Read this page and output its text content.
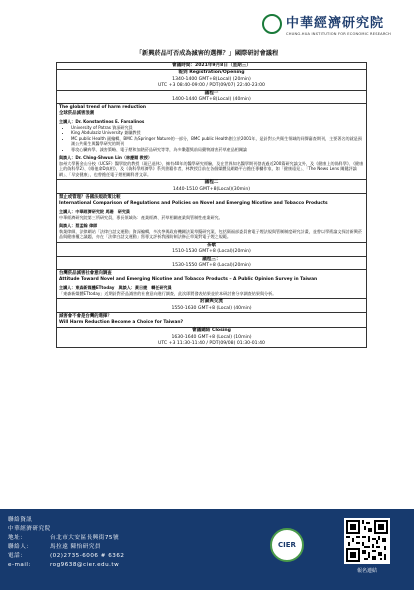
中華經濟研究院
CHUNG-HUA INSTITUTION FOR ECONOMIC RESEARCH
「新興菸品可否成為減害的選擇？」國際研討會議程
會議時間：2021年9月8日（星期三）
報到 Registration/Opening
1340-1400 GMT+8(Local) (20min)
UTC +3 08:40-09:00 / PDT(09/07) 22:40-23:00
議程一
1400-1440 GMT+8(Local) (40min)
The global trend of harm reduction
全球菸品減害浪潮
主講人：Dr. Konstantinos E. Farsalinos
• University of Patras 資深研究員
• King Abdulaziz University 兼職教授
• MC public Health 副編輯，BMC 為Springer Nature的一部分，BMC public Health創立於2001年，是針對公共衛生領域的同儕審查期刊，主要著名的就是預測公共衛生與醫學研究的期刊
• 專攻心臟病學、減害策略、電子煙和加熱菸品研究等等，為多樂選獎前局藥物減害菸草產品相關論
與談人：Dr. Ching-Shwun Lin（林慶順 教授）
加州大學舊金山分校（UCSF）醫學院的教授（現已退休），擁有40年的醫學研究經驗，及在世界知名醫學期刊發表過近200篇研究論文外，及《健康上的偽科學》、《健康上的偽科學2》、《維他命D真相》，及《偽科學經濟學》系列書籍作者，林教授目前在各個媒體及網路平台擔任專欄作家，如「健康遠見」、「The News Lens 關鍵評論網」、「早安健康」，也曾擔任電子煙相關科普文章。
議程二
1440-1510 GMT+8(Local)(30min)
禁止或管理？各國法規政策比較
International Comparison of Regulations and Policies on Novel and Emerging Nicotine and Tobacco Products
主講人：中華經濟研究院 馬珊　研究員
中華經濟研究院第三所研究員，專長領域為：產業經濟、菸草相關產業與管制性產業研究。
與談人：蔡孟翰 律師
執業律師，法律網站「法律白話文運動」資深編輯，多次參與政府機關法案草擬研究案，包括衛福部委員會電子煙法規與管制制度研究計畫，並曾以學術論文探討新興菸品與健康權之議題，亦在「法律白話文運動」寫專文評析我國防制法修正草案對電子煙之規範。
茶歇
1510-1530 GMT+8 (Local)(20min)
議程三：
1530-1550 GMT+8 (Local)(20min)
台灣菸品減害社會意向調查
Attitude Toward Novel and Emerging Nicotine and Tobacco Products – A Public Opinion Survey in Taiwan
主講人：東森新媒體ETtoday　與談人：黃日捷　轉任研究員
「東森新媒體ETtoday」近期針對菸品減害的社會意向進行調查，此次即將發表結果並於本研討會分享調查結果與分析。
討論與交流
1550-1630 GMT+8 (Local) (40min)
減害會不會是台灣的選擇？
Will Harm Reduction Become a Choice for Taiwan?
會議總結 Closing
1630-1640 GMT+8 (Local) (10min)
UTC +3 11:30-11:40 / PDT(09/08) 01:30-01:40
聯絡資訊
中華經濟研究院
地址：	台北市大安區長興街75號
聯絡人：	馬拉遠 陳怡研究員
電話：	(02)2735-6006 # 6362
e-mail:	rog9638@cier.edu.tw
CIER
報名連結
